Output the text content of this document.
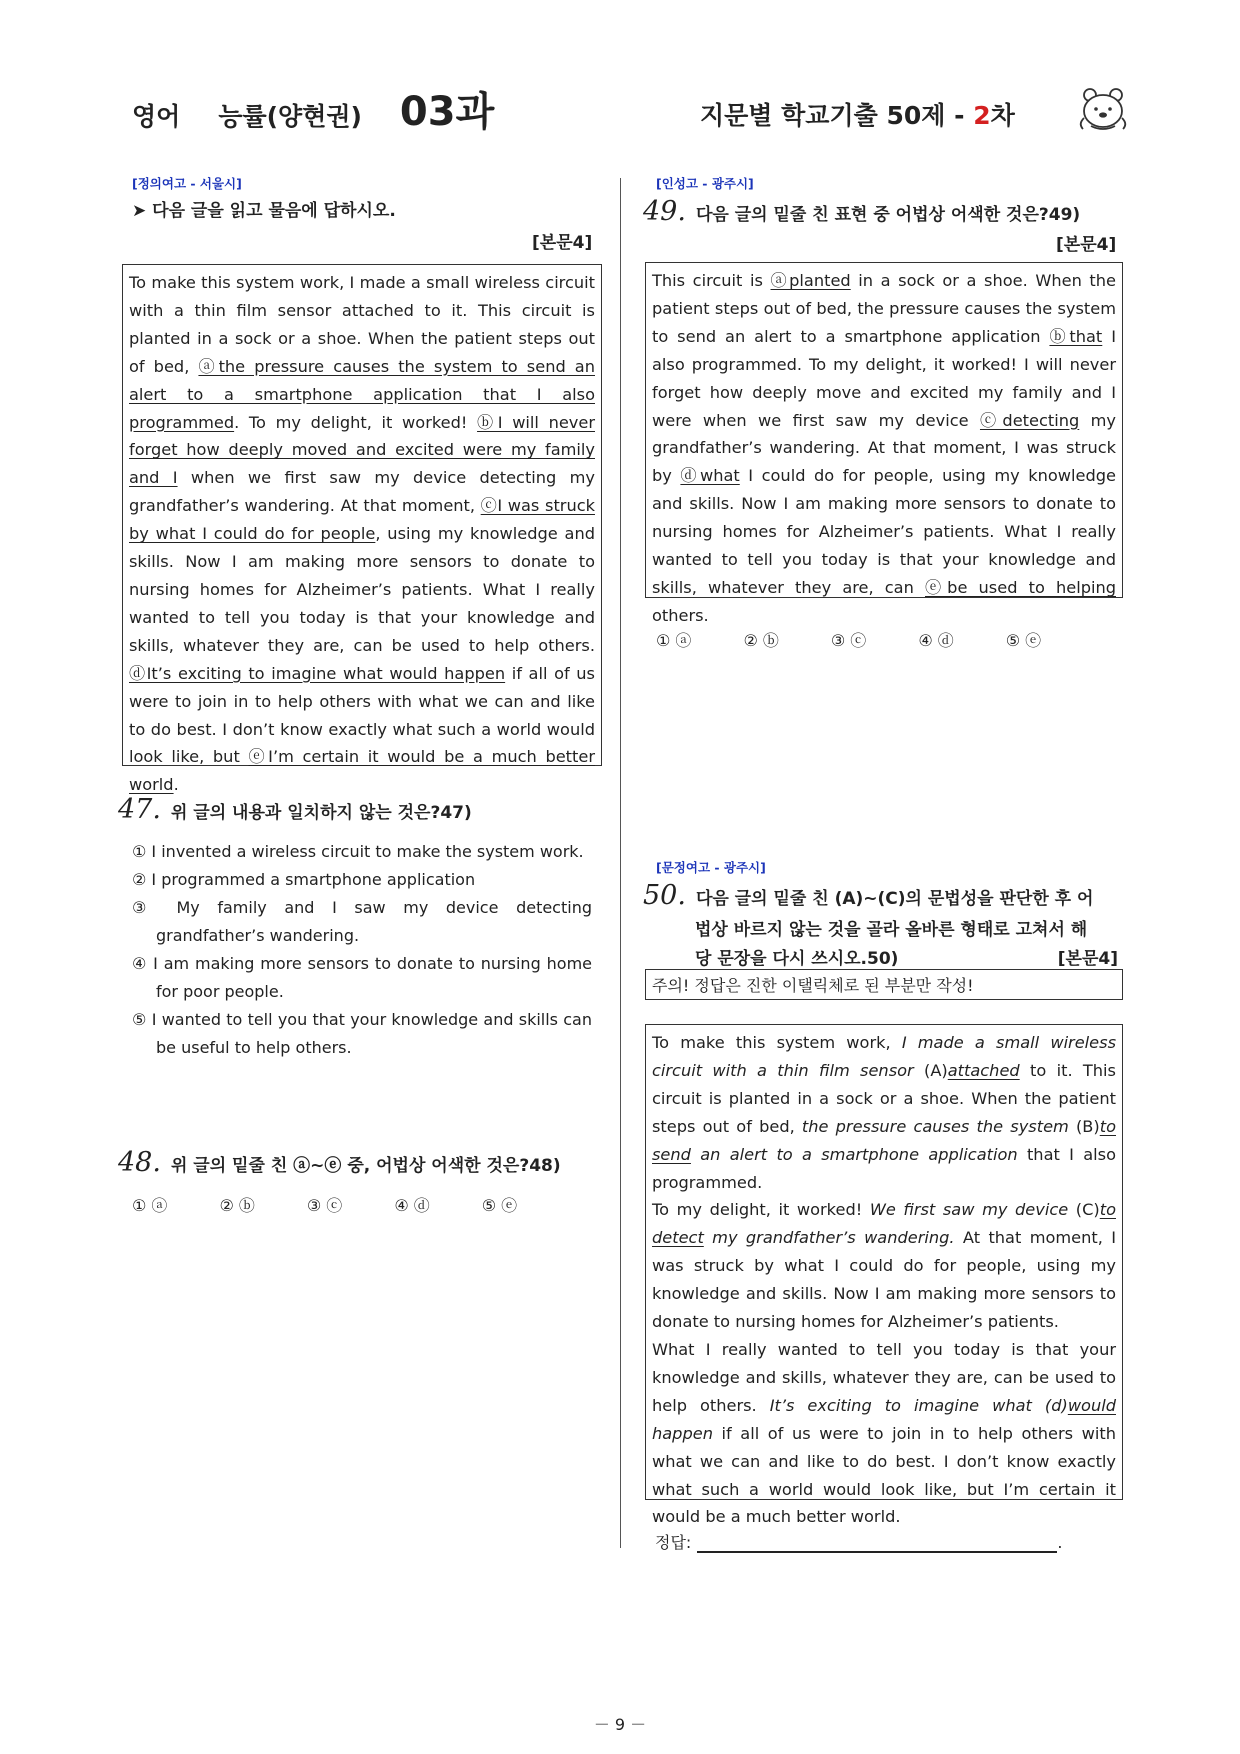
영어 능률(양현권) 03과	지문별 학교기출 50제 - 2차
[정의여고 - 서울시]
➤ 다음 글을 읽고 물음에 답하시오.
[본문4]
To make this system work, I made a small wireless circuit with a thin film sensor attached to it. This circuit is planted in a sock or a shoe. When the patient steps out of bed, ⓐthe pressure causes the system to send an alert to a smartphone application that I also programmed. To my delight, it worked! ⓑI will never forget how deeply moved and excited were my family and I when we first saw my device detecting my grandfather’s wandering. At that moment, ⓒI was struck by what I could do for people, using my knowledge and skills. Now I am making more sensors to donate to nursing homes for Alzheimer’s patients. What I really wanted to tell you today is that your knowledge and skills, whatever they are, can be used to help others. ⓓIt’s exciting to imagine what would happen if all of us were to join in to help others with what we can and like to do best. I don’t know exactly what such a world would look like, but ⓔI’m certain it would be a much better world.
47. 위 글의 내용과 일치하지 않는 것은?47)
① I invented a wireless circuit to make the system work.
② I programmed a smartphone application
③ My family and I saw my device detecting grandfather’s wandering.
④ I am making more sensors to donate to nursing home for poor people.
⑤ I wanted to tell you that your knowledge and skills can be useful to help others.
48. 위 글의 밑줄 친 ⓐ~ⓔ 중, 어법상 어색한 것은?48)
① ⓐ	② ⓑ	③ ⓒ	④ ⓓ	⑤ ⓔ
[인성고 - 광주시]
49. 다음 글의 밑줄 친 표현 중 어법상 어색한 것은?49)
[본문4]
This circuit is ⓐplanted in a sock or a shoe. When the patient steps out of bed, the pressure causes the system to send an alert to a smartphone application ⓑthat I also programmed. To my delight, it worked! I will never forget how deeply move and excited my family and I were when we first saw my device ⓒdetecting my grandfather’s wandering. At that moment, I was struck by ⓓwhat I could do for people, using my knowledge and skills. Now I am making more sensors to donate to nursing homes for Alzheimer’s patients. What I really wanted to tell you today is that your knowledge and skills, whatever they are, can ⓔbe used to helping others.
① ⓐ	② ⓑ	③ ⓒ	④ ⓓ	⑤ ⓔ
[문정여고 - 광주시]
50. 다음 글의 밑줄 친 (A)~(C)의 문법성을 판단한 후 어
법상 바르지 않는 것을 골라 올바른 형태로 고쳐서 해
당 문장을 다시 쓰시오.50)	[본문4]
주의! 정답은 진한 이탤릭체로 된 부분만 작성!

To make this system work, I made a small wireless circuit with a thin film sensor (A)attached to it. This circuit is planted in a sock or a shoe. When the patient steps out of bed, the pressure causes the system (B)to send an alert to a smartphone application that I also programmed.

To my delight, it worked! We first saw my device (C)to detect my grandfather’s wandering. At that moment, I was struck by what I could do for people, using my knowledge and skills. Now I am making more sensors to donate to nursing homes for Alzheimer’s patients.

What I really wanted to tell you today is that your knowledge and skills, whatever they are, can be used to help others. It’s exciting to imagine what (d)would happen if all of us were to join in to help others with what we can and like to do best. I don’t know exactly what such a world would look like, but I’m certain it would be a much better world.

정답:	.
－ 9 －
